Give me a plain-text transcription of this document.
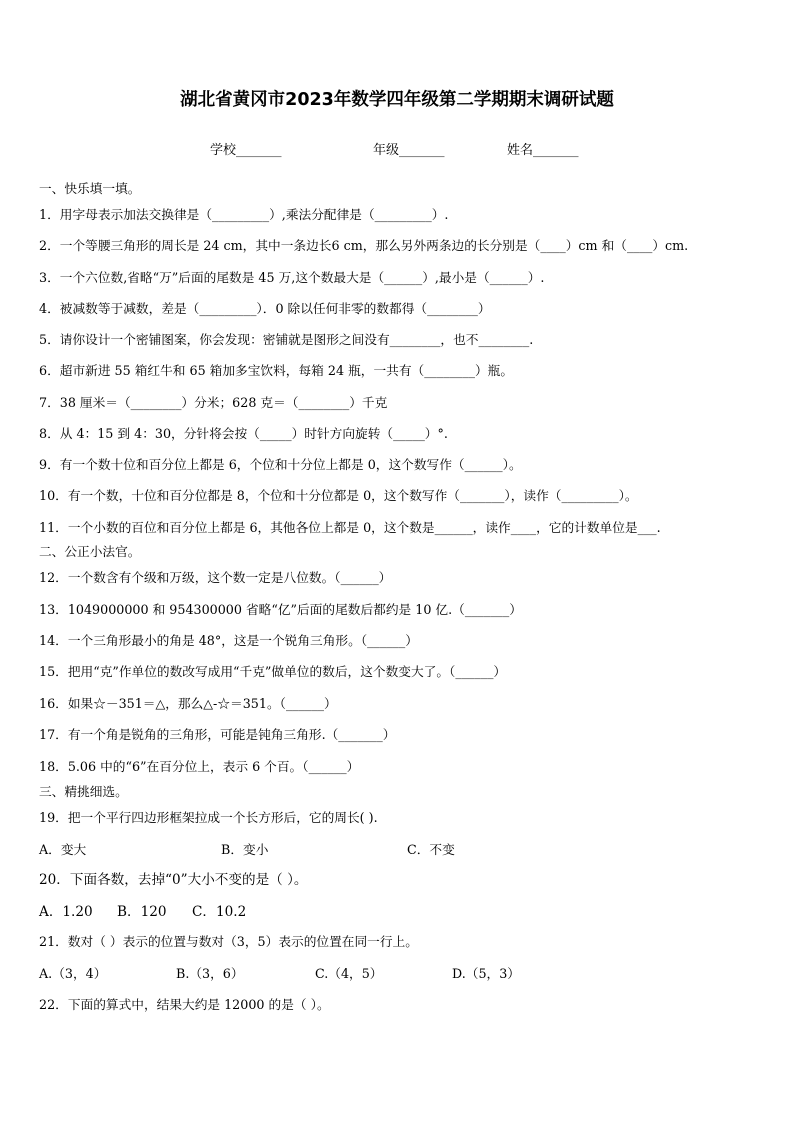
湖北省黄冈市2023年数学四年级第二学期期末调研试题
学校_______	年级_______	姓名_______
一、快乐填一填。
1．用字母表示加法交换律是（_________）,乘法分配律是（_________）.
2．一个等腰三角形的周长是 24 cm，其中一条边长6 cm，那么另外两条边的长分别是（____）cm 和（____）cm.
3．一个六位数,省略“万”后面的尾数是 45 万,这个数最大是（______）,最小是（______）.
4．被减数等于减数，差是（_________）．0 除以任何非零的数都得（________）
5．请你设计一个密铺图案，你会发现：密铺就是图形之间没有________，也不________.
6．超市新进 55 箱红牛和 65 箱加多宝饮料，每箱 24 瓶，一共有（________）瓶。
7．38 厘米＝（________）分米；628 克＝（________）千克
8．从 4：15 到 4：30，分针将会按（_____）时针方向旋转（_____）°.
9．有一个数十位和百分位上都是 6，个位和十分位上都是 0，这个数写作（______）。
10．有一个数，十位和百分位都是 8，个位和十分位都是 0，这个数写作（_______），读作（_________）。
11．一个小数的百位和百分位上都是 6，其他各位上都是 0，这个数是______，读作____，它的计数单位是___.
二、公正小法官。
12．一个数含有个级和万级，这个数一定是八位数。（______）
13．1049000000 和 954300000 省略“亿”后面的尾数后都约是 10 亿.（_______）
14．一个三角形最小的角是 48°，这是一个锐角三角形。（______）
15．把用“克”作单位的数改写成用“千克”做单位的数后，这个数变大了。（______）
16．如果☆－351＝△，那么△-☆＝351。（______）
17．有一个角是锐角的三角形，可能是钝角三角形.（_______）
18．5.06 中的“6”在百分位上，表示 6 个百。（______）
三、精挑细选。
19．把一个平行四边形框架拉成一个长方形后，它的周长( ).
A．变大	B．变小	C．不变
20．下面各数，去掉“0”大小不变的是（ ）。
A．1.20 B．120 C．10.2
21．数对（ ）表示的位置与数对（3，5）表示的位置在同一行上。
A.（3，4）	B.（3，6）	C.（4，5）	D.（5，3）
22．下面的算式中，结果大约是 12000 的是（ ）。
